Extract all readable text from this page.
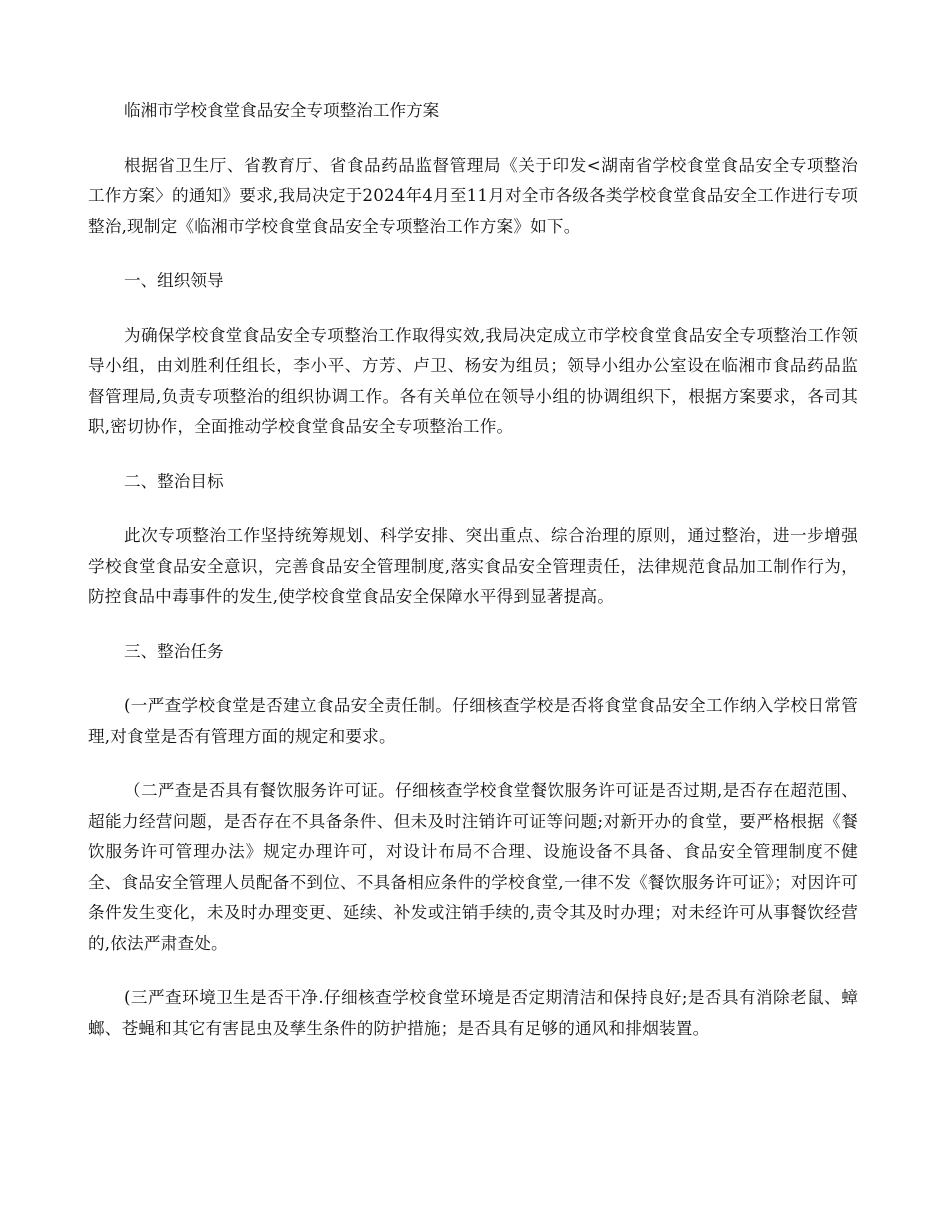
临湘市学校食堂食品安全专项整治工作方案

根据省卫生厅、省教育厅、省食品药品监督管理局《关于印发<湖南省学校食堂食品安全专项整治工作方案〉的通知》要求,我局决定于2024年4月至11月对全市各级各类学校食堂食品安全工作进行专项整治,现制定《临湘市学校食堂食品安全专项整治工作方案》如下。

一、组织领导

为确保学校食堂食品安全专项整治工作取得实效,我局决定成立市学校食堂食品安全专项整治工作领导小组，由刘胜利任组长，李小平、方芳、卢卫、杨安为组员；领导小组办公室设在临湘市食品药品监督管理局,负责专项整治的组织协调工作。各有关单位在领导小组的协调组织下，根据方案要求，各司其职,密切协作，全面推动学校食堂食品安全专项整治工作。

二、整治目标

此次专项整治工作坚持统筹规划、科学安排、突出重点、综合治理的原则，通过整治，进一步增强学校食堂食品安全意识，完善食品安全管理制度,落实食品安全管理责任，法律规范食品加工制作行为，防控食品中毒事件的发生,使学校食堂食品安全保障水平得到显著提高。

三、整治任务

(一严查学校食堂是否建立食品安全责任制。仔细核查学校是否将食堂食品安全工作纳入学校日常管理,对食堂是否有管理方面的规定和要求。

（二严查是否具有餐饮服务许可证。仔细核查学校食堂餐饮服务许可证是否过期,是否存在超范围、超能力经营问题，是否存在不具备条件、但未及时注销许可证等问题;对新开办的食堂，要严格根据《餐饮服务许可管理办法》规定办理许可，对设计布局不合理、设施设备不具备、食品安全管理制度不健全、食品安全管理人员配备不到位、不具备相应条件的学校食堂,一律不发《餐饮服务许可证》；对因许可条件发生变化，未及时办理变更、延续、补发或注销手续的,责令其及时办理；对未经许可从事餐饮经营的,依法严肃查处。

(三严查环境卫生是否干净.仔细核查学校食堂环境是否定期清洁和保持良好;是否具有消除老鼠、蟑螂、苍蝇和其它有害昆虫及孳生条件的防护措施；是否具有足够的通风和排烟装置。
